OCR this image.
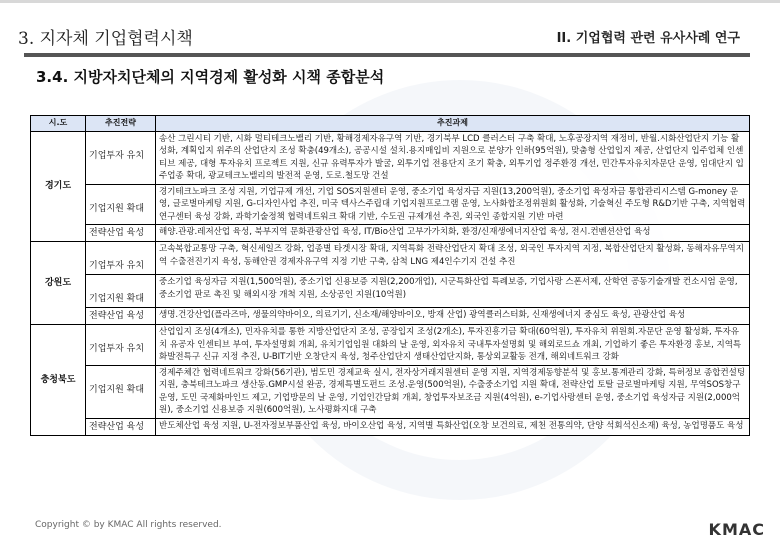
3. 지자체 기업협력시책	II. 기업협력 관련 유사사례 연구
3.4. 지방자치단체의 지역경제 활성화 시책 종합분석
시.도	추진전략	추진과제
경기도	기업투자 유치	송산 그린시티 기반, 시화 멀티테크노밸리 기반, 황해경제자유구역 기반, 경기북부 LCD 클러스터 구축 확대, 노후공장지역 재정비, 반월.시화산업단지 기능 활성화, 계획입지 위주의 산업단지 조성 확충(49개소), 공공시설 설치.용지매입비 지원으로 분양가 인하(95억원), 맞춤형 산업입지 제공, 산업단지 입주업체 인센티브 제공, 대형 투자유치 프로젝트 지원, 신규 유력투자가 발굴, 외투기업 전용단지 조기 확충, 외투기업 정주환경 개선, 민간투자유치자문단 운영, 임대단지 입주업종 확대, 광교테크노밸리의 발전적 운영, 도로.철도망 건설
	기업지원 확대	경기테크노파크 조성 지원, 기업규제 개선, 기업 SOS지원센터 운영, 중소기업 육성자금 지원(13,200억원), 중소기업 육성자금 통합관리시스템 G-money 운영, 글로벌마케팅 지원, G-디자인사업 추진, 미국 텍사스주립대 기업지원프로그램 운영, 노사화합조정위원회 활성화, 기술혁신 주도형 R&D기반 구축, 지역협력연구센터 육성 강화, 과학기술정책 협력네트워크 확대 기반, 수도권 규제개선 추진, 외국인 종합지원 기반 마련
	전략산업 육성	해양.관광.레저산업 육성, 북부지역 문화관광산업 육성, IT/Bio산업 고부가가치화, 환경/신재생에너지산업 육성, 전시.컨벤션산업 육성
강원도	기업투자 유치	고속복합교통망 구축, 혁신세일즈 강화, 업종별 타겟시장 확대, 지역특화 전략산업단지 확대 조성, 외국인 투자지역 지정, 복합산업단지 활성화, 동해자유무역지역 수출전진기지 육성, 동해안권 경제자유구역 지정 기반 구축, 삼척 LNG 제4인수기지 건설 추진
	기업지원 확대	중소기업 육성자금 지원(1,500억원), 중소기업 신용보증 지원(2,200개업), 시군특화산업 특례보증, 기업사랑 스폰서제, 산학연 공동기술개발 컨소시엄 운영, 중소기업 판로 촉진 및 해외시장 개척 지원, 소상공인 지원(10억원)
	전략산업 육성	생명.건강산업(플라즈마, 생물의약바이오, 의료기기, 신소재/해양바이오, 방재 산업) 광역클러스터화, 신재생에너지 중심도 육성, 관광산업 육성
충청북도	기업투자 유치	산업입지 조성(4개소), 민자유치를 통한 지방산업단지 조성, 공장입지 조성(2개소), 투자진흥기금 확대(60억원), 투자유치 위원회.자문단 운영 활성화, 투자유치 유공자 인센티브 부여, 투자설명회 개최, 유치기업임원 대화의 날 운영, 외자유치 국내투자설명회 및 해외로드쇼 개최, 기업하기 좋은 투자환경 홍보, 지역특화발전특구 신규 지정 추진, U-BIT기반 오창단지 육성, 청주산업단지 생태산업단지화, 통상외교활동 전개, 해외네트워크 강화
	기업지원 확대	경제주체간 협력네트워크 강화(56기관), 범도민 경제교육 실시, 전자상거래지원센터 운영 지원, 지역경제동향분석 및 홍보.통계관리 강화, 특허정보 종합컨설팅 지원, 충북테크노파크 생산동.GMP시설 완공, 경제특별도펀드 조성.운영(500억원), 수출중소기업 지원 확대, 전략산업 토탈 글로벌마케팅 지원, 무역SOS창구 운영, 도민 국제화마인드 제고, 기업방문의 날 운영, 기업인간담회 개최, 창업투자보조금 지원(4억원), e-기업사랑센터 운영, 중소기업 육성자금 지원(2,000억원), 중소기업 신용보증 지원(600억원), 노사평화지대 구축
	전략산업 육성	반도체산업 육성 지원, U-전자정보부품산업 육성, 바이오산업 육성, 지역별 특화산업(오창 보건의료, 제천 전통의약, 단양 석회석신소재) 육성, 농업명품도 육성
Copyright © by KMAC All rights reserved.	KMAC
